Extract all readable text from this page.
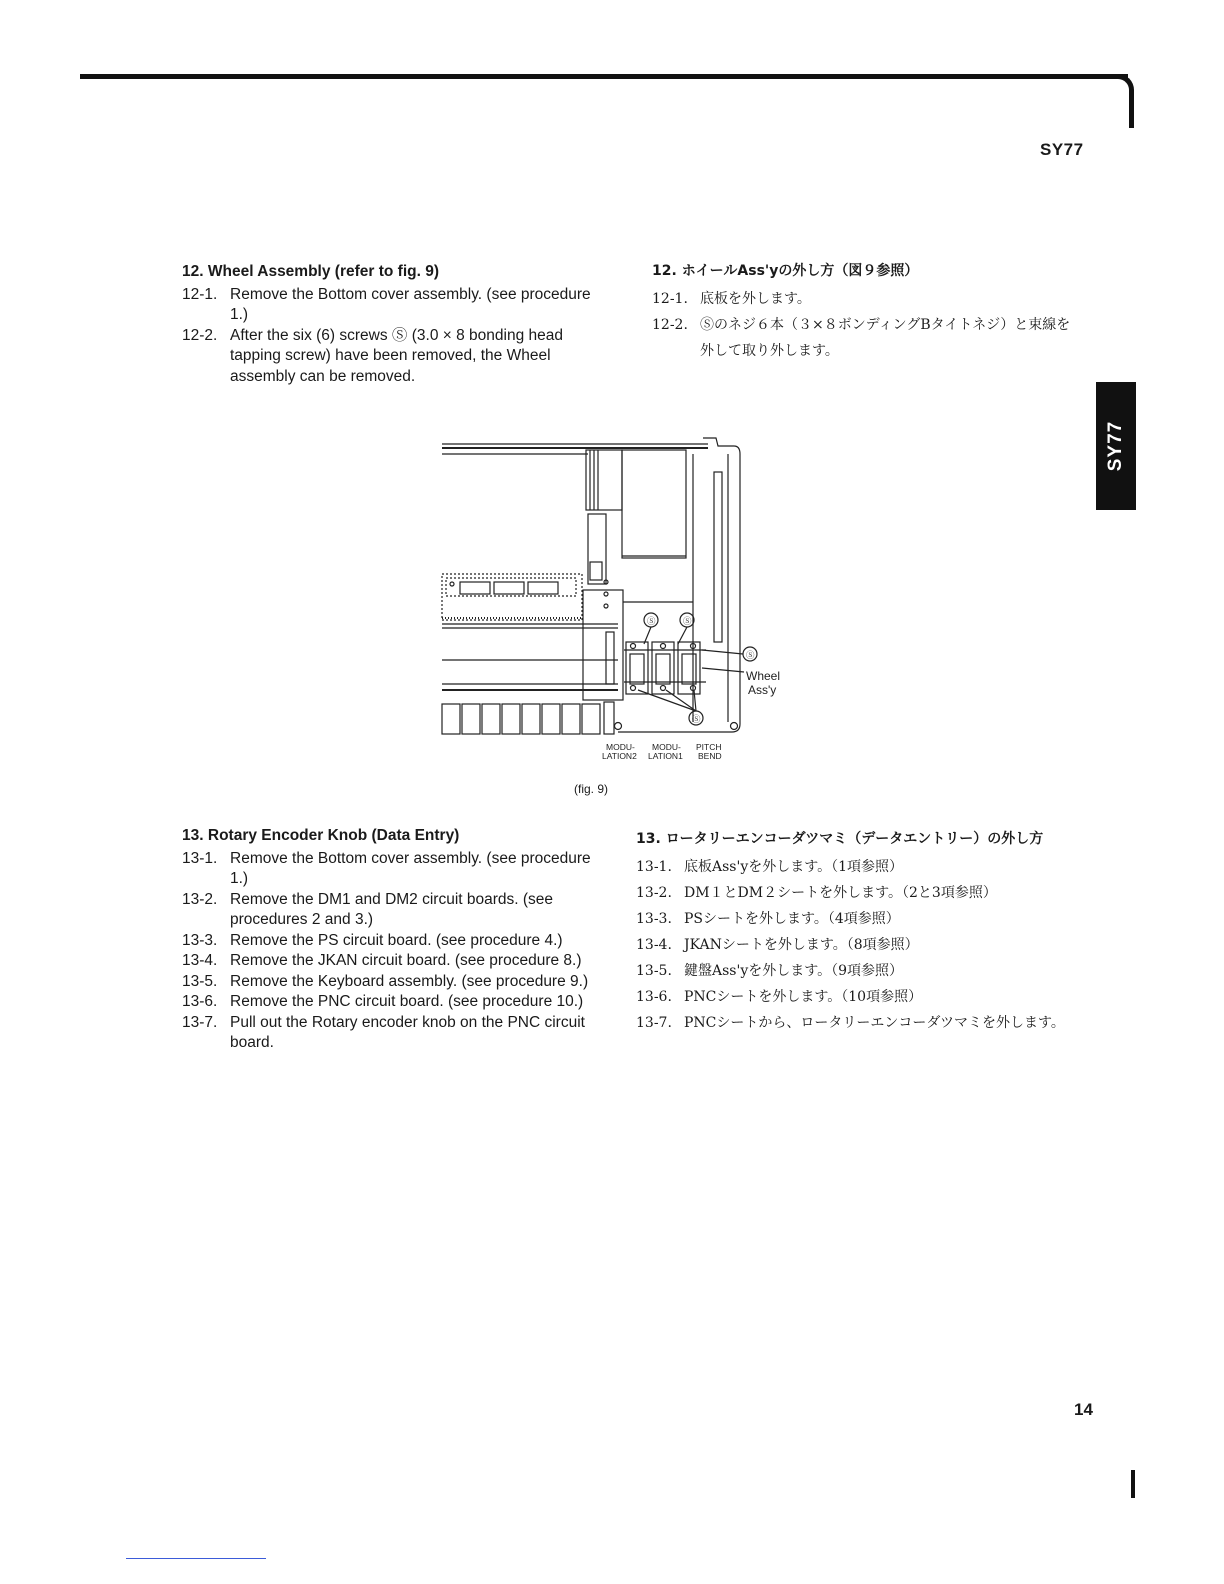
SY77
SY77
12. Wheel Assembly (refer to fig. 9)
12-1. Remove the Bottom cover assembly. (see procedure 1.)
12-2. After the six (6) screws Ⓢ (3.0 × 8 bonding head tapping screw) have been removed, the Wheel assembly can be removed.
12. ホイールAss'yの外し方（図９参照）
12-1. 底板を外します。
12-2. Ⓢのネジ６本（３×８ボンディングBタイトネジ）と束線を外して取り外します。
Ⓢ	Ⓢ
Ⓢ
Ⓢ
Wheel
Ass'y
MODU-
LATION2
MODU-
LATION1
PITCH
BEND
(fig. 9)
13. Rotary Encoder Knob (Data Entry)
13-1. Remove the Bottom cover assembly. (see procedure 1.)
13-2. Remove the DM1 and DM2 circuit boards. (see procedures 2 and 3.)
13-3. Remove the PS circuit board. (see procedure 4.)
13-4. Remove the JKAN circuit board. (see procedure 8.)
13-5. Remove the Keyboard assembly. (see procedure 9.)
13-6. Remove the PNC circuit board. (see procedure 10.)
13-7. Pull out the Rotary encoder knob on the PNC circuit board.
13. ロータリーエンコーダツマミ（データエントリー）の外し方
13-1. 底板Ass'yを外します。（1項参照）
13-2. DM１とDM２シートを外します。（2と3項参照）
13-3. PSシートを外します。（4項参照）
13-4. JKANシートを外します。（8項参照）
13-5. 鍵盤Ass'yを外します。（9項参照）
13-6. PNCシートを外します。（10項参照）
13-7. PNCシートから、ロータリーエンコーダツマミを外します。
14
